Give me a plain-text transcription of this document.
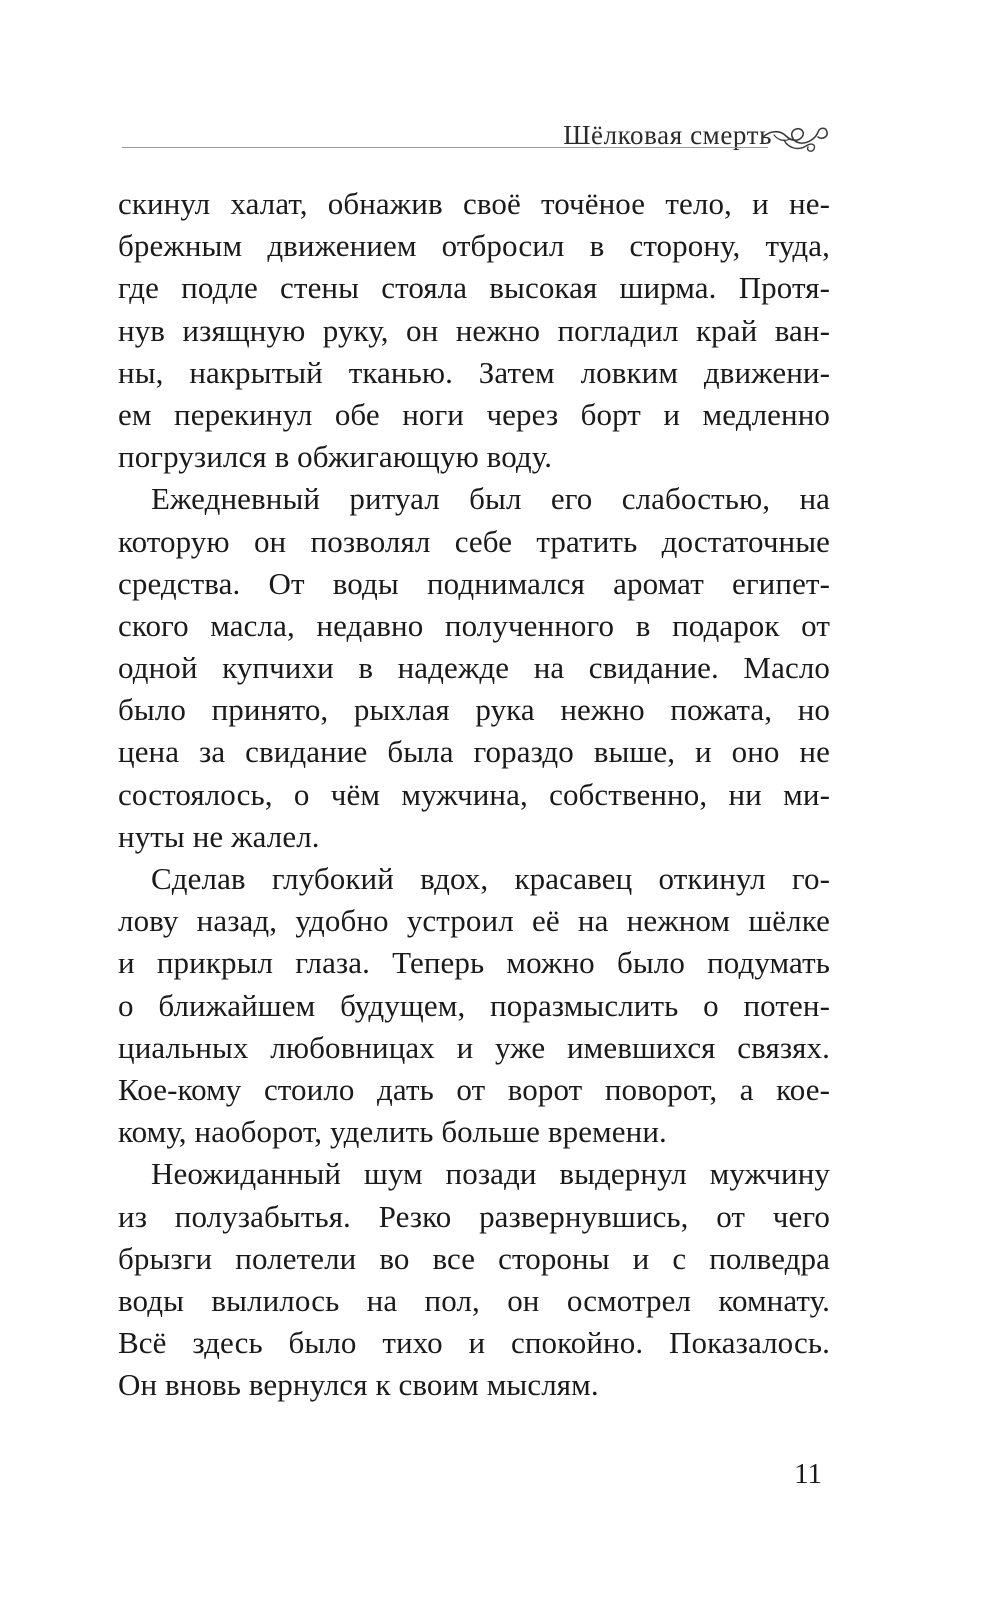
Шёлковая смерть
скинул халат, обнажив своё точёное тело, и не-
брежным движением отбросил в сторону, туда,
где подле стены стояла высокая ширма. Протя-
нув изящную руку, он нежно погладил край ван-
ны, накрытый тканью. Затем ловким движени-
ем перекинул обе ноги через борт и медленно
погрузился в обжигающую воду.
Ежедневный ритуал был его слабостью, на
которую он позволял себе тратить достаточные
средства. От воды поднимался аромат египет-
ского масла, недавно полученного в подарок от
одной купчихи в надежде на свидание. Масло
было принято, рыхлая рука нежно пожата, но
цена за свидание была гораздо выше, и оно не
состоялось, о чём мужчина, собственно, ни ми-
нуты не жалел.
Сделав глубокий вдох, красавец откинул го-
лову назад, удобно устроил её на нежном шёлке
и прикрыл глаза. Теперь можно было подумать
о ближайшем будущем, поразмыслить о потен-
циальных любовницах и уже имевшихся связях.
Кое-кому стоило дать от ворот поворот, а кое-
кому, наоборот, уделить больше времени.
Неожиданный шум позади выдернул мужчину
из полузабытья. Резко развернувшись, от чего
брызги полетели во все стороны и с полведра
воды вылилось на пол, он осмотрел комнату.
Всё здесь было тихо и спокойно. Показалось.
Он вновь вернулся к своим мыслям.
11
